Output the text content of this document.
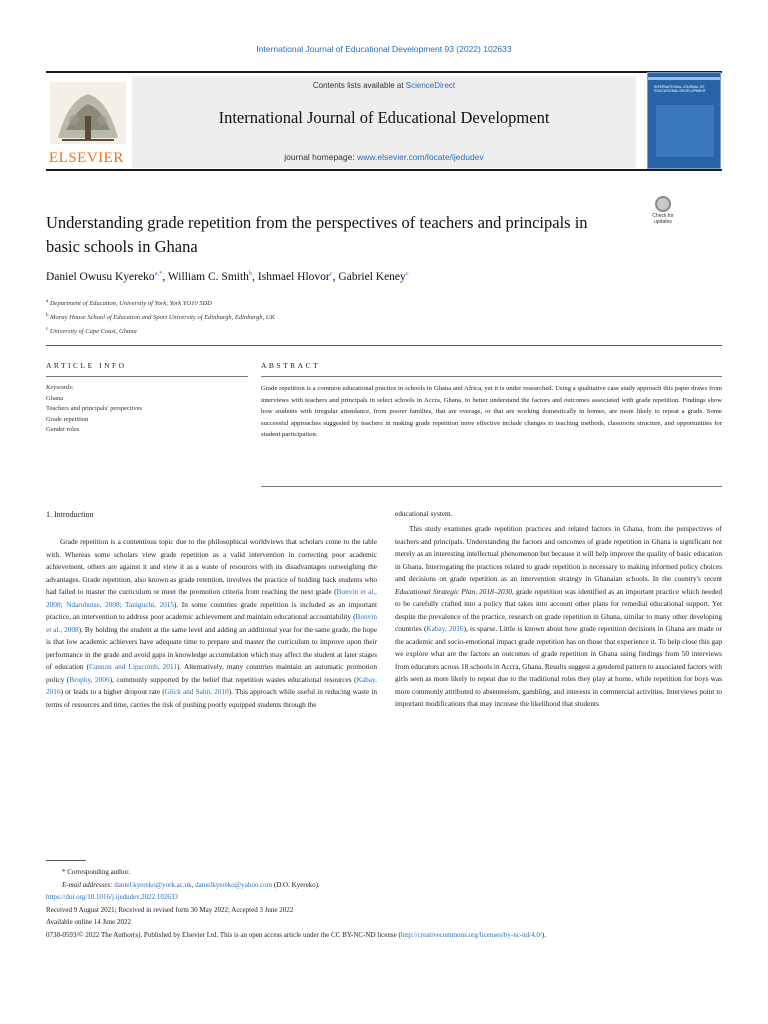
International Journal of Educational Development 93 (2022) 102633
ELSEVIER
Contents lists available at ScienceDirect
International Journal of Educational Development
journal homepage: www.elsevier.com/locate/ijedudev
INTERNATIONAL JOURNAL OF EDUCATIONAL DEVELOPMENT
Understanding grade repetition from the perspectives of teachers and principals in basic schools in Ghana
Check for
updates
Daniel Owusu Kyereko$^{a,*}$, William C. Smith$^b$, Ishmael Hlovor$^c$, Gabriel Keney$^c$
$^a$ Department of Education, University of York, York YO10 5DD
$^b$ Moray House School of Education and Sport University of Edinburgh, Edinburgh, UK
$^c$ University of Cape Coast, Ghana
ARTICLE INFO	ABSTRACT
Keywords:
Ghana
Teachers and principals' perspectives
Grade repetition
Gender roles
Grade repetition is a common educational practice in schools in Ghana and Africa, yet it is under researched. Using a qualitative case study approach this paper draws from interviews with teachers and principals in select schools in Accra, Ghana, to better understand the factors and outcomes associated with grade repetition. Findings show how students with irregular attendance, from poorer families, that are overage, or that are working domestically in homes, are more likely to repeat a grade. Some successful approaches suggested by teachers in making grade repetition more effective include changes to teaching methods, classroom structure, and opportunities for student participation.
1. Introduction

Grade repetition is a contentious topic due to the philosophical worldviews that scholars come to the table with. Whereas some scholars view grade repetition as a valid intervention in correcting poor academic achievement, others are against it and view it as a waste of resources with its disadvantages outweighing the advantages. Grade repetition, also known as grade retention, involves the practice of holding back students who had failed to master the curriculum or meet the promotion criteria from reaching the next grade (Bonvin et al., 2008; Ndaruhutse, 2008; Taniguchi, 2015). In some countries grade repetition is included as an important practice, an intervention to address poor academic achievement and maintain educational accountability (Bonvin et al., 2008). By holding the student at the same level and adding an additional year for the same grade, the hope is that low academic achievers have adequate time to prepare and master the curriculum to improve upon their performance in the grade and avoid gaps in knowledge accumulation which may affect the student at later stages of education (Cannon and Lipscomb, 2011). Alternatively, many countries maintain an automatic promotion policy (Brophy, 2006), commonly supported by the belief that repetition wastes educational resources (Kabay, 2016) or leads to a higher dropout rate (Glick and Sahn, 2010). This approach while useful in reducing waste in terms of resources and time, carries the risk of pushing poorly equipped students through the

educational system.

This study examines grade repetition practices and related factors in Ghana, from the perspectives of teachers and principals. Understanding the factors and outcomes of grade repetition in Ghana is significant not merely as an interesting intellectual phenomenon but because it will help improve the quality of basic education in Ghana. Interrogating the practices related to grade repetition is necessary to making informed policy choices and decisions on grade repetition as an intervention strategy in Ghanaian schools. In the country's recent Educational Strategic Plan, 2018–2030, grade repetition was identified as an important practice which needed to be carefully crafted into a policy that takes into account other plans for remedial educational support. Yet despite the prevalence of the practice, research on grade repetition in Ghana, similar to many other developing countries (Kabay, 2016), is sparse. Little is known about how grade repetition decisions in Ghana are made or the academic and socio-emotional impact grade repetition has on those that experience it. To help close this gap we explore what are the factors an outcomes of grade repetition in Ghana using findings from 50 interviews from educators across 18 schools in Accra, Ghana. Results suggest a gendered pattern to associated factors with girls seen as more likely to repeat due to the traditional roles they play at home, while repetition for boys was more commonly attributed to absenteeism, gambling, and interests in commercial activities. Interviews point to important modifications that may increase the likelihood that students

* Corresponding author.
E-mail addresses: daniel.kyereko@york.ac.uk, danielkyereko@yahoo.com (D.O. Kyereko).
https://doi.org/10.1016/j.ijedudev.2022.102633
Received 9 August 2021; Received in revised form 30 May 2022; Accepted 3 June 2022
Available online 14 June 2022
0738-0593/© 2022 The Author(s). Published by Elsevier Ltd. This is an open access article under the CC BY-NC-ND license (http://creativecommons.org/licenses/by-nc-nd/4.0/).
